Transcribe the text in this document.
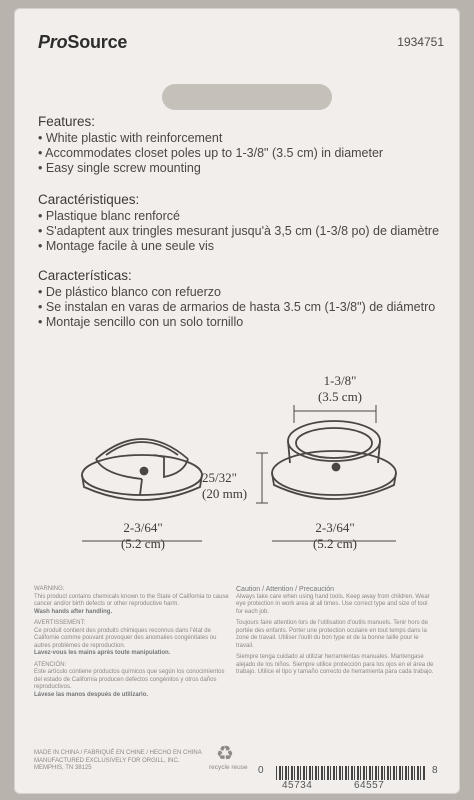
ProSource	1934751
Features:
• White plastic with reinforcement
• Accommodates closet poles up to 1-3/8" (3.5 cm) in diameter
• Easy single screw mounting
Caractéristiques:
• Plastique blanc renforcé
• S'adaptent aux tringles mesurant jusqu'à 3,5 cm (1-3/8 po) de diamètre
• Montage facile à une seule vis
Características:
• De plástico blanco con refuerzo
• Se instalan en varas de armarios de hasta 3.5 cm (1-3/8") de diámetro
• Montaje sencillo con un solo tornillo
1-3/8"
(3.5 cm)
25/32"
(20 mm)
2-3/64"
(5.2 cm)
2-3/64"
(5.2 cm)
WARNING:
This product contains chemicals known to the State of California to cause cancer and/or birth defects or other reproductive harm.
Wash hands after handling.
AVERTISSEMENT:
Ce produit contient des produits chimiques reconnus dans l'état de Californie comme pouvant provoquer des anomalies congénitales ou autres problèmes de reproduction.
Lavez-vous les mains après toute manipulation.
ATENCIÓN:
Este artículo contiene productos químicos que según los conocimientos del estado de California producen defectos congénitos y otros daños reproductivos.
Lávese las manos después de utilizarlo.
Caution / Attention / Precaución
Always take care when using hand tools. Keep away from children. Wear eye protection in work area at all times. Use correct type and size of tool for each job.
Toujours faire attention lors de l'utilisation d'outils manuels. Tenir hors de portée des enfants. Porter une protection oculaire en tout temps dans la zone de travail. Utiliser l'outil du bon type et de la bonne taille pour le travail.
Siempre tenga cuidado al utilizar herramientas manuales. Mantengase alejado de los niños. Siempre utilice protección para los ojos en el área de trabajo. Utilice el tipo y tamaño correcto de herramienta para cada trabajo.
MADE IN CHINA / FABRIQUÉ EN CHINE / HECHO EN CHINA
MANUFACTURED EXCLUSIVELY FOR ORGILL, INC.
MEMPHIS, TN 38125
♻
recycle reuse 0
45734	64557
8
